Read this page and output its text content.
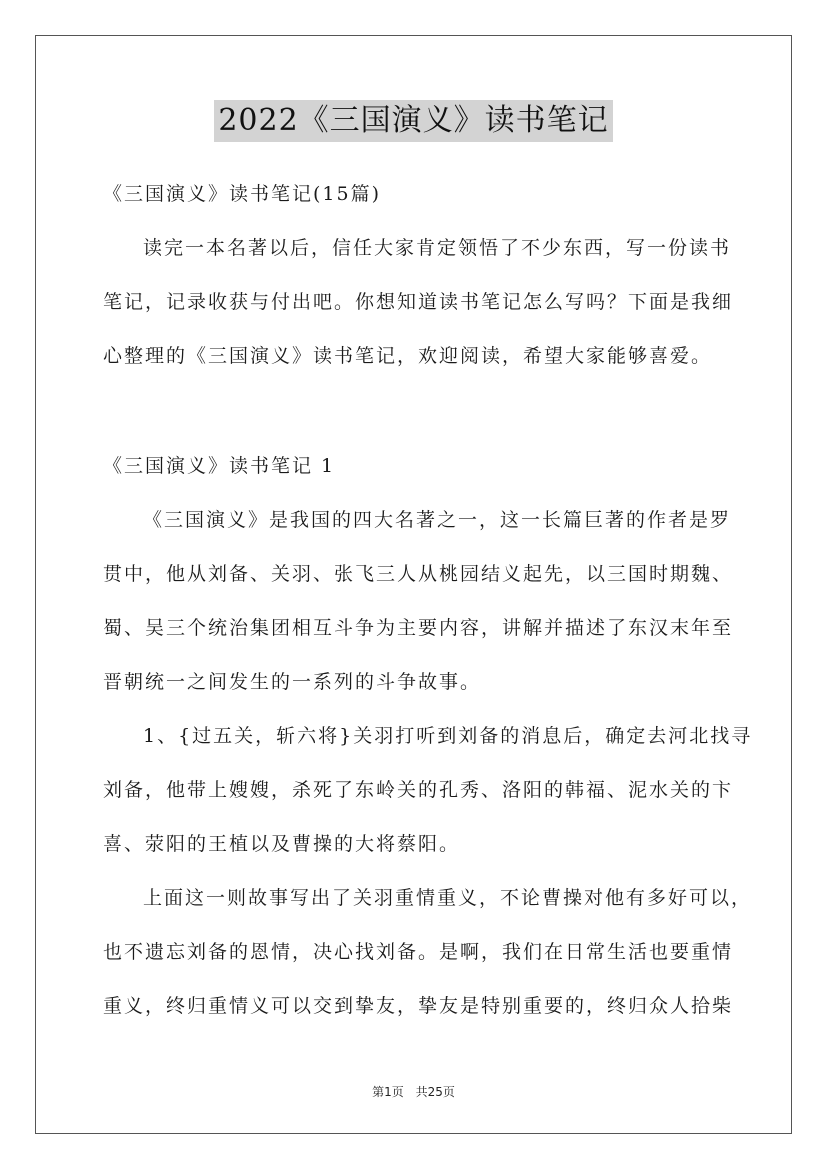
2022《三国演义》读书笔记
《三国演义》读书笔记(15篇)
读完一本名著以后，信任大家肯定领悟了不少东西，写一份读书
笔记，记录收获与付出吧。你想知道读书笔记怎么写吗？下面是我细
心整理的《三国演义》读书笔记，欢迎阅读，希望大家能够喜爱。
《三国演义》读书笔记 1
《三国演义》是我国的四大名著之一，这一长篇巨著的作者是罗
贯中，他从刘备、关羽、张飞三人从桃园结义起先，以三国时期魏、
蜀、吴三个统治集团相互斗争为主要内容，讲解并描述了东汉末年至
晋朝统一之间发生的一系列的斗争故事。
1、{过五关，斩六将}关羽打听到刘备的消息后，确定去河北找寻
刘备，他带上嫂嫂，杀死了东岭关的孔秀、洛阳的韩福、泥水关的卞
喜、荥阳的王植以及曹操的大将蔡阳。
上面这一则故事写出了关羽重情重义，不论曹操对他有多好可以，
也不遗忘刘备的恩情，决心找刘备。是啊，我们在日常生活也要重情
重义，终归重情义可以交到挚友，挚友是特别重要的，终归众人拾柴
第1页 共25页
